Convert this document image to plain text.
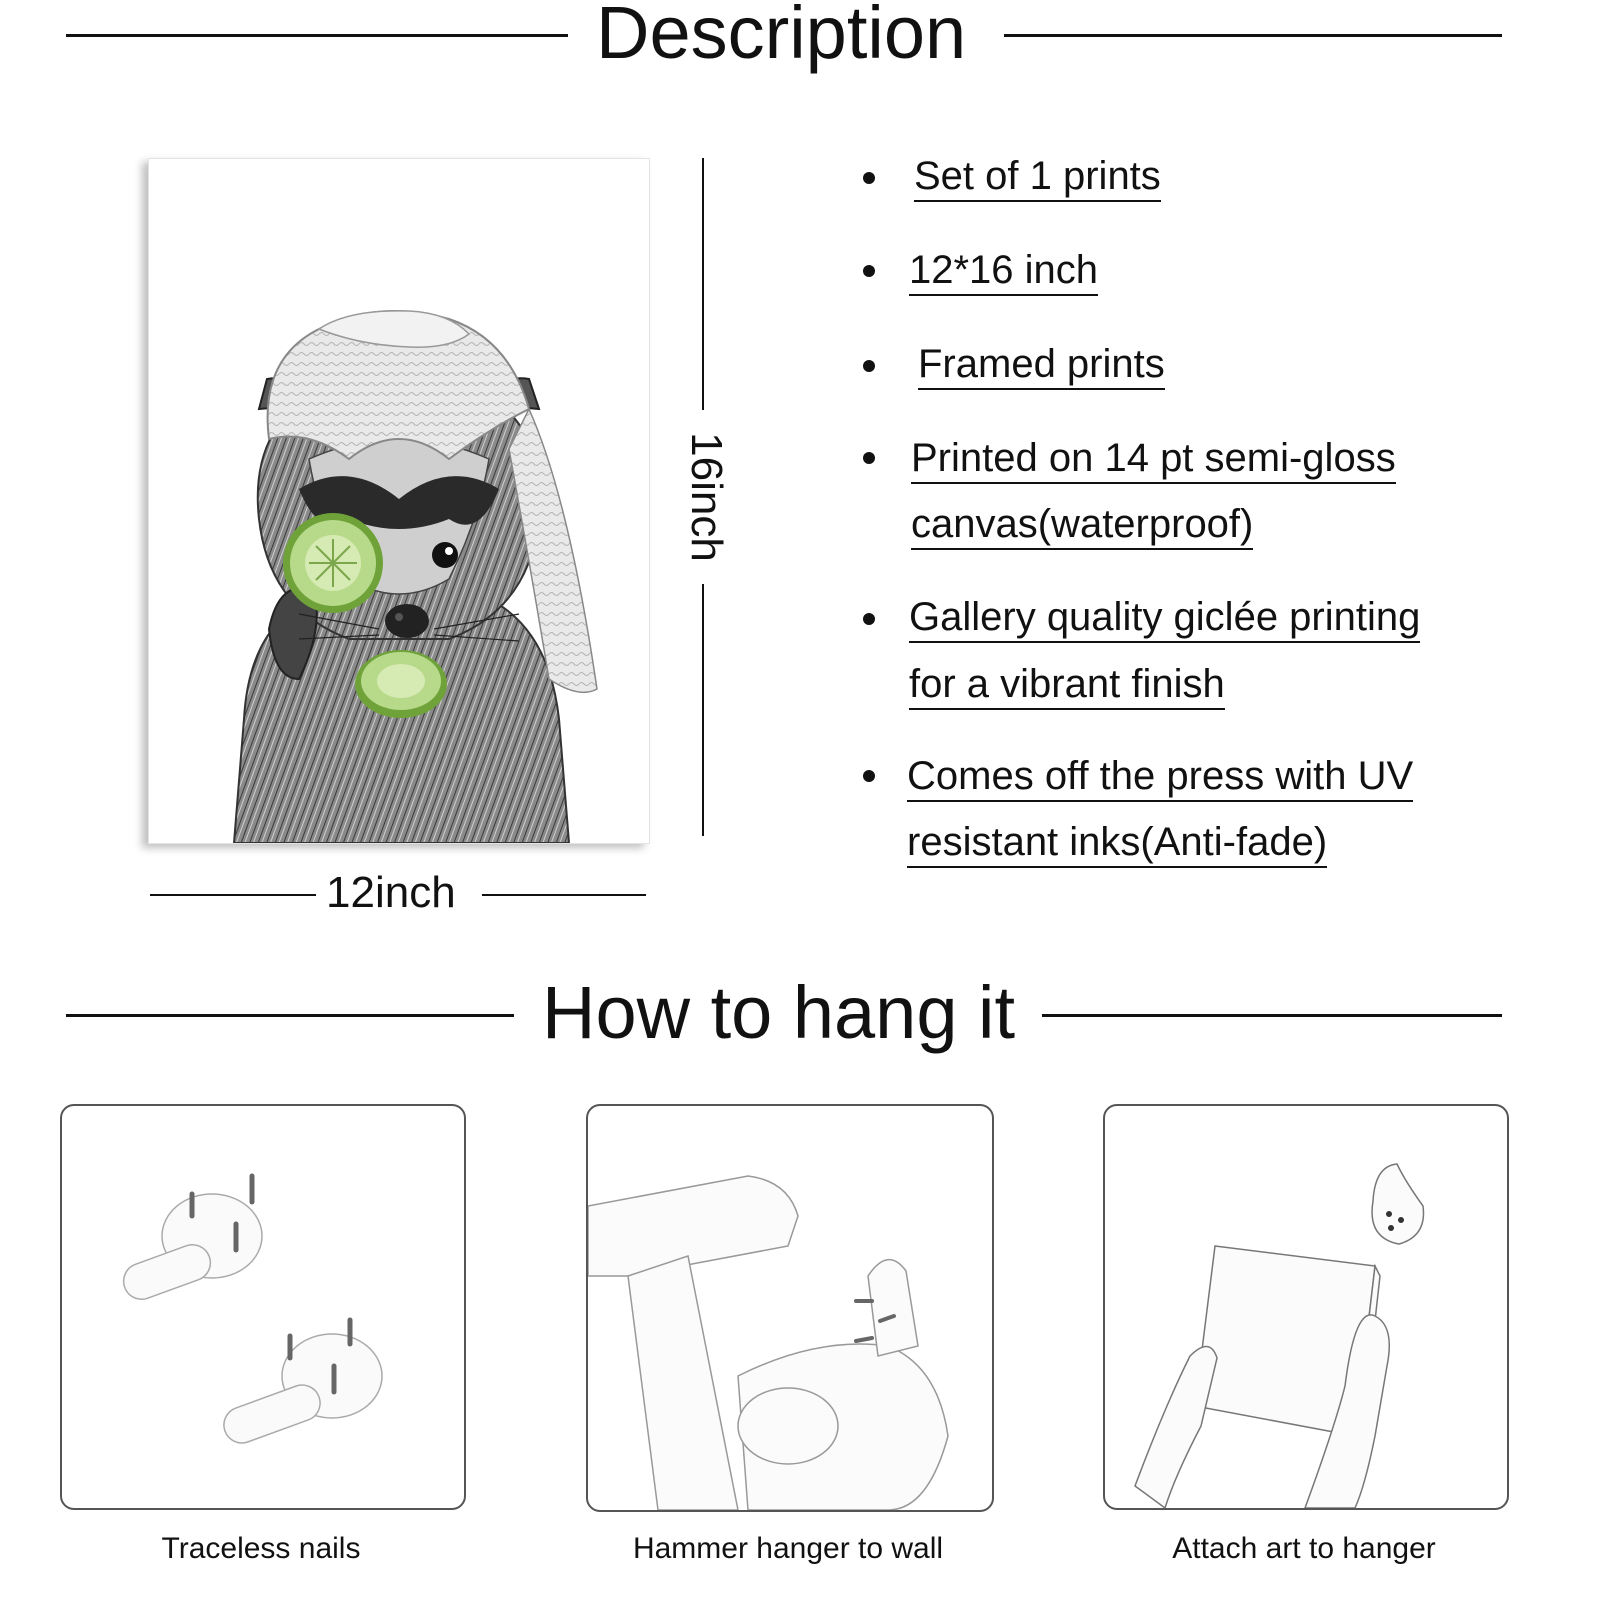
Description
16inch
12inch
Set of 1 prints
12*16 inch
Framed prints
Printed on 14 pt semi-gloss
canvas(waterproof)
Gallery quality giclée printing
for a vibrant finish
Comes off the press with UV
resistant inks(Anti-fade)
How to hang it
Traceless nails	Hammer hanger to wall	Attach art to hanger
